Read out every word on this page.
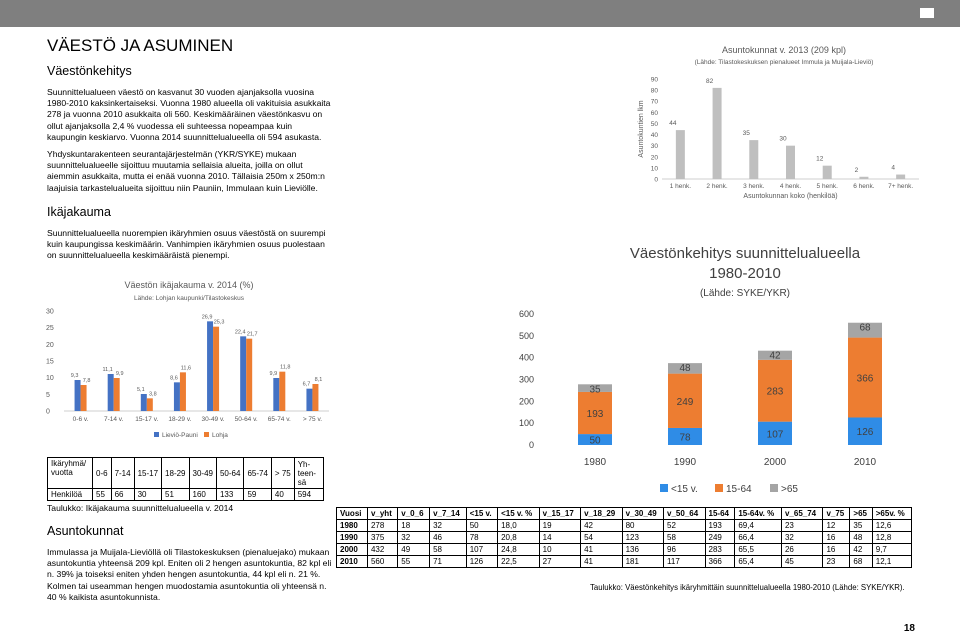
VÄESTÖ JA ASUMINEN
Väestönkehitys
Suunnittelualueen väestö on kasvanut 30 vuoden ajanjaksolla vuosina 1980-2010 kaksinkertaiseksi. Vuonna 1980 alueella oli vakituisia asukkaita 278 ja vuonna 2010 asukkaita oli 560. Keskimääräinen väestönkasvu on ollut ajanjaksolla 2,4 % vuodessa eli suhteessa nopeampaa kuin kaupungin keskiarvo. Vuonna 2014 suunnittelualueella oli 594 asukasta.
Yhdyskuntarakenteen seurantajärjestelmän (YKR/SYKE) mukaan suunnittelualueelle sijoittuu muutamia sellaisia alueita, joilla on ollut aiemmin asukkaita, mutta ei enää vuonna 2010. Tällaisia 250m x 250m:n laajuisia tarkastelualueita sijoittuu niin Pauniin, Immulaan kuin Lieviölle.
Ikäjakauma
Suunnittelualueella nuorempien ikäryhmien osuus väestöstä on suurempi kuin kaupungissa keskimäärin. Vanhimpien ikäryhmien osuus puolestaan on suunnittelualueella keskimääräistä pienempi.
Väestön ikäjakauma v. 2014 (%)
Lähde: Lohjan kaupunki/Tilastokeskus
0
5
10
15
20
25
30
9,3
7,8
0-6 v.
11,1
9,9
7-14 v.
5,1
3,8
15-17 v.
8,6
11,6
18-29 v.
26,9
25,3
30-49 v.
22,4 21,7
50-64 v.
9,9
11,8
65-74 v.
6,7
8,1
> 75 v.
Lieviö-Pauni Lohja
Ikäryhmä/ vuotta	0-6	7-14	15-17	18-29	30-49	50-64	65-74	> 75	Yh- teen- sä
Henkilöä	55	66	30	51	160	133	59	40	594
Taulukko: Ikäjakauma suunnittelualueella v. 2014
Asuntokunnat
Immulassa ja Muijala-Lieviöllä oli Tilastokeskuksen (pienaluejako) mukaan asuntokuntia yhteensä 209 kpl. Eniten oli 2 hengen asuntokuntia, 82 kpl eli n. 39% ja toiseksi eniten yhden hengen asuntokuntia, 44 kpl eli n. 21 %. Kolmen tai useamman hengen muodostamia asuntokuntia oli yhteensä n. 40 % kaikista asuntokunnista.
Asuntokunnat v. 2013 (209 kpl)
(Lähde: Tilastokeskuksen pienalueet Immula ja Muijala-Lieviö)
0
10
20
30
40
50
60
70
80
90
Asuntokuntien lkm	44
1 henk.
82
2 henk.
35
3 henk.
30
4 henk.
12
5 henk.
2
6 henk.
4
7+ henk.
Asuntokunnan koko (henkilöä)
Väestönkehitys suunnittelualueella
1980-2010
(Lähde: SYKE/YKR)
0
100
200
300
400
500
600
50
193
35
1980
78
249
48
1990
107
283
42
2000
126
366
68
2010
<15 v.	15-64	>65
Vuosi	v_yht	v_0_6	v_7_14	<15 v.	<15 v. %	v_15_17	v_18_29	v_30_49	v_50_64	15-64	15-64v. %	v_65_74	v_75	>65	>65v. %
1980	278	18	32	50	18,0	19	42	80	52	193	69,4	23	12	35	12,6
1990	375	32	46	78	20,8	14	54	123	58	249	66,4	32	16	48	12,8
2000	432	49	58	107	24,8	10	41	136	96	283	65,5	26	16	42	9,7
2010	560	55	71	126	22,5	27	41	181	117	366	65,4	45	23	68	12,1
Taulukko: Väestönkehitys ikäryhmittäin suunnittelualueella 1980-2010 (Lähde: SYKE/YKR).
18
